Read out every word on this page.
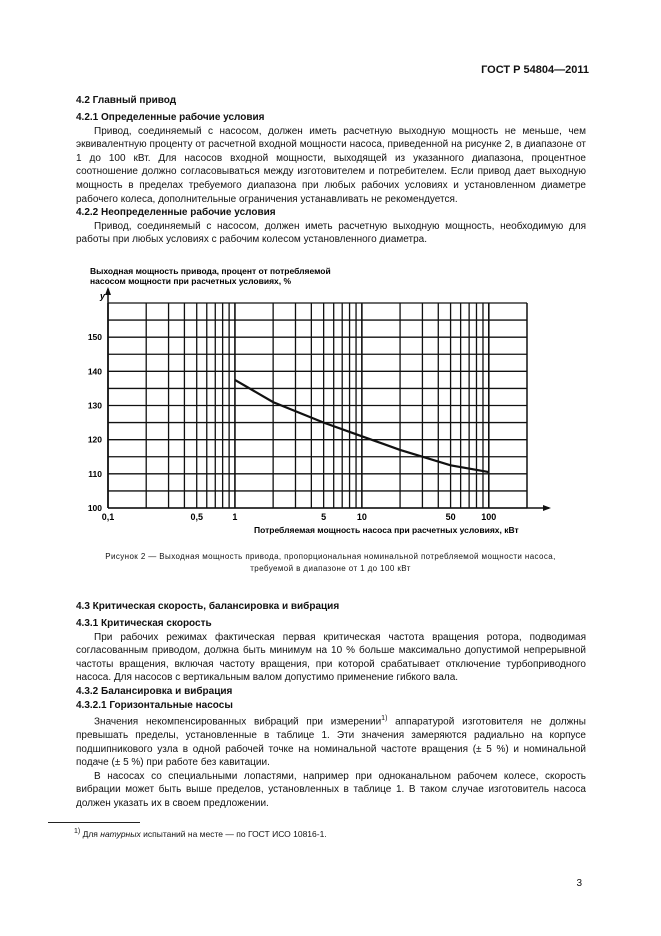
ГОСТ Р 54804—2011
4.2 Главный привод
4.2.1 Определенные рабочие условия

Привод, соединяемый с насосом, должен иметь расчетную выходную мощность не меньше, чем эквивалентную проценту от расчетной входной мощности насоса, приведенной на рисунке 2, в диапазоне от 1 до 100 кВт. Для насосов входной мощности, выходящей из указанного диапазона, процентное соотношение должно согласовываться между изготовителем и потребителем. Если привод дает выходную мощность в пределах требуемого диапазона при любых рабочих условиях и установленном диаметре рабочего колеса, дополнительные ограничения устанавливать не рекомендуется.

4.2.2 Неопределенные рабочие условия

Привод, соединяемый с насосом, должен иметь расчетную выходную мощность, необходимую для работы при любых условиях с рабочим колесом установленного диаметра.

Выходная мощность привода, процент от потребляемой
насосом мощности при расчетных условиях, %
y
100
110
120
130
140
150
0,1	0,5	1	5	10	50	100
Потребляемая мощность насоса при расчетных условиях, кВт
Рисунок 2 — Выходная мощность привода, пропорциональная номинальной потребляемой мощности насоса,
требуемой в диапазоне от 1 до 100 кВт
4.3 Критическая скорость, балансировка и вибрация
4.3.1 Критическая скорость

При рабочих режимах фактическая первая критическая частота вращения ротора, подводимая согласованным приводом, должна быть минимум на 10 % больше максимально допустимой непрерывной частоты вращения, включая частоту вращения, при которой срабатывает отключение турбоприводного насоса. Для насосов с вертикальным валом допустимо применение гибкого вала.

4.3.2 Балансировка и вибрация
4.3.2.1 Горизонтальные насосы

Значения некомпенсированных вибраций при измерении$^{1)}$ аппаратурой изготовителя не должны превышать пределы, установленные в таблице 1. Эти значения замеряются радиально на корпусе подшипникового узла в одной рабочей точке на номинальной частоте вращения (± 5 %) и номинальной подаче (± 5 %) при работе без кавитации.

В насосах со специальными лопастями, например при одноканальном рабочем колесе, скорость вибрации может быть выше пределов, установленных в таблице 1. В таком случае изготовитель насоса должен указать их в своем предложении.

$^{1)}$ Для натурных испытаний на месте — по ГОСТ ИСО 10816-1.
3
